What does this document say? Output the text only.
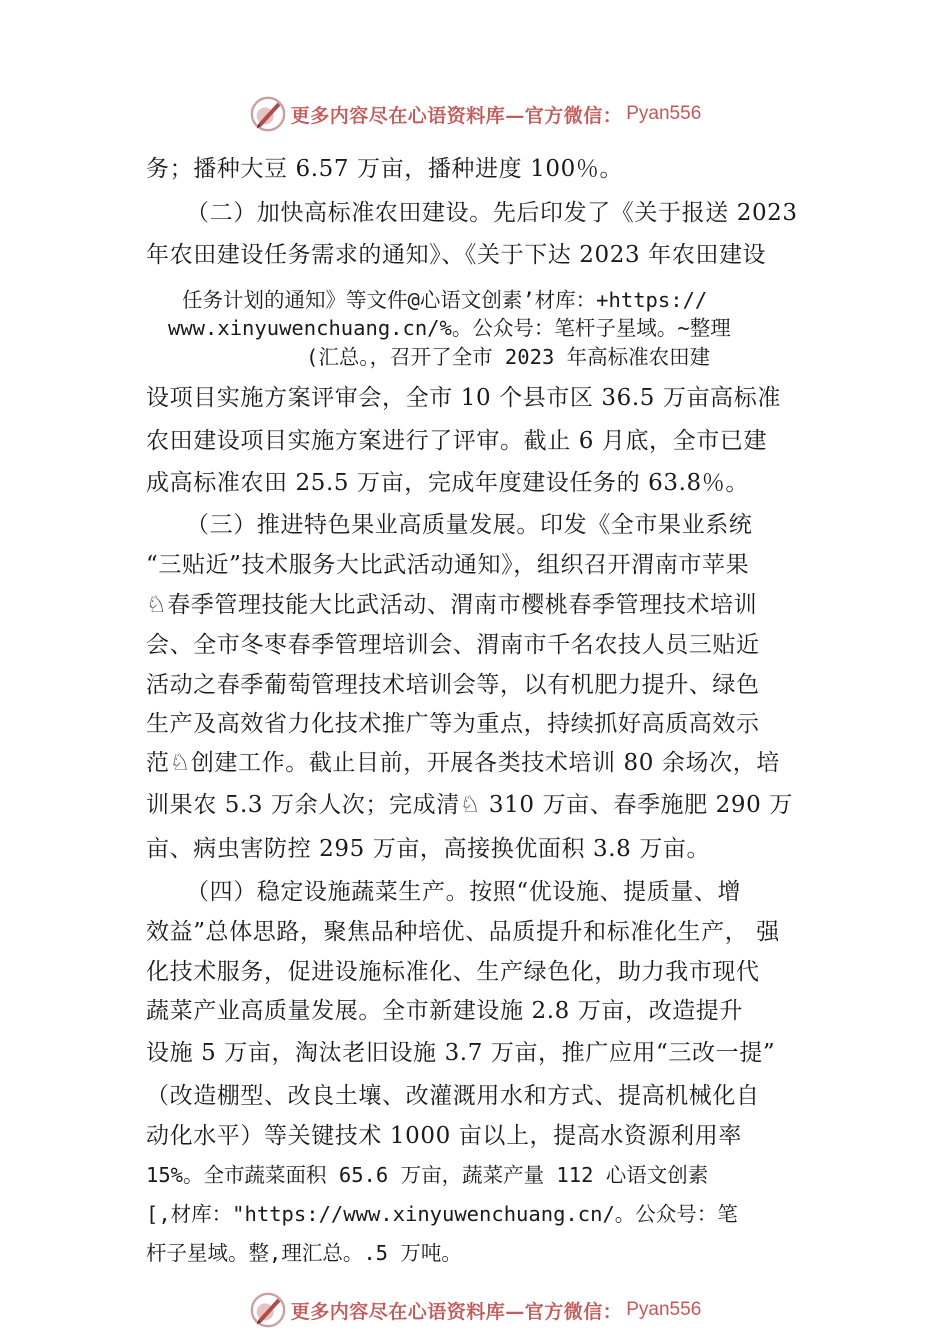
更多内容尽在心语资料库—官方微信： Pyan556
务；播种大豆 6.57 万亩，播种进度 100％。
（二）加快高标准农田建设。先后印发了《关于报送 2023
年农田建设任务需求的通知》、《关于下达 2023 年农田建设
任务计划的通知》等文件@心语文创素’材库：+https://
www.xinyuwenchuang.cn/%。公众号：笔杆子星域。~整理
(汇总。，召开了全市 2023 年高标准农田建
设项目实施方案评审会，全市 10 个县市区 36.5 万亩高标准
农田建设项目实施方案进行了评审。截止 6 月底，全市已建
成高标准农田 25.5 万亩，完成年度建设任务的 63.8％。
（三）推进特色果业高质量发展。印发《全市果业系统
“三贴近”技术服务大比武活动通知》，组织召开渭南市苹果
♘春季管理技能大比武活动、渭南市樱桃春季管理技术培训
会、全市冬枣春季管理培训会、渭南市千名农技人员三贴近
活动之春季葡萄管理技术培训会等，以有机肥力提升、绿色
生产及高效省力化技术推广等为重点，持续抓好高质高效示
范♘创建工作。截止目前，开展各类技术培训 80 余场次，培
训果农 5.3 万余人次；完成清♘ 310 万亩、春季施肥 290 万
亩、病虫害防控 295 万亩，高接换优面积 3.8 万亩。
（四）稳定设施蔬菜生产。按照“优设施、提质量、增
效益”总体思路，聚焦品种培优、品质提升和标准化生产， 强
化技术服务，促进设施标准化、生产绿色化，助力我市现代
蔬菜产业高质量发展。全市新建设施 2.8 万亩，改造提升
设施 5 万亩，淘汰老旧设施 3.7 万亩，推广应用“三改一提”
（改造棚型、改良土壤、改灌溉用水和方式、提高机械化自
动化水平）等关键技术 1000 亩以上，提高水资源利用率
15%。全市蔬菜面积 65.6 万亩，蔬菜产量 112 心语文创素
[,材库："https://www.xinyuwenchuang.cn/。公众号：笔
杆子星域。整,理汇总。.5 万吨。
更多内容尽在心语资料库—官方微信： Pyan556
